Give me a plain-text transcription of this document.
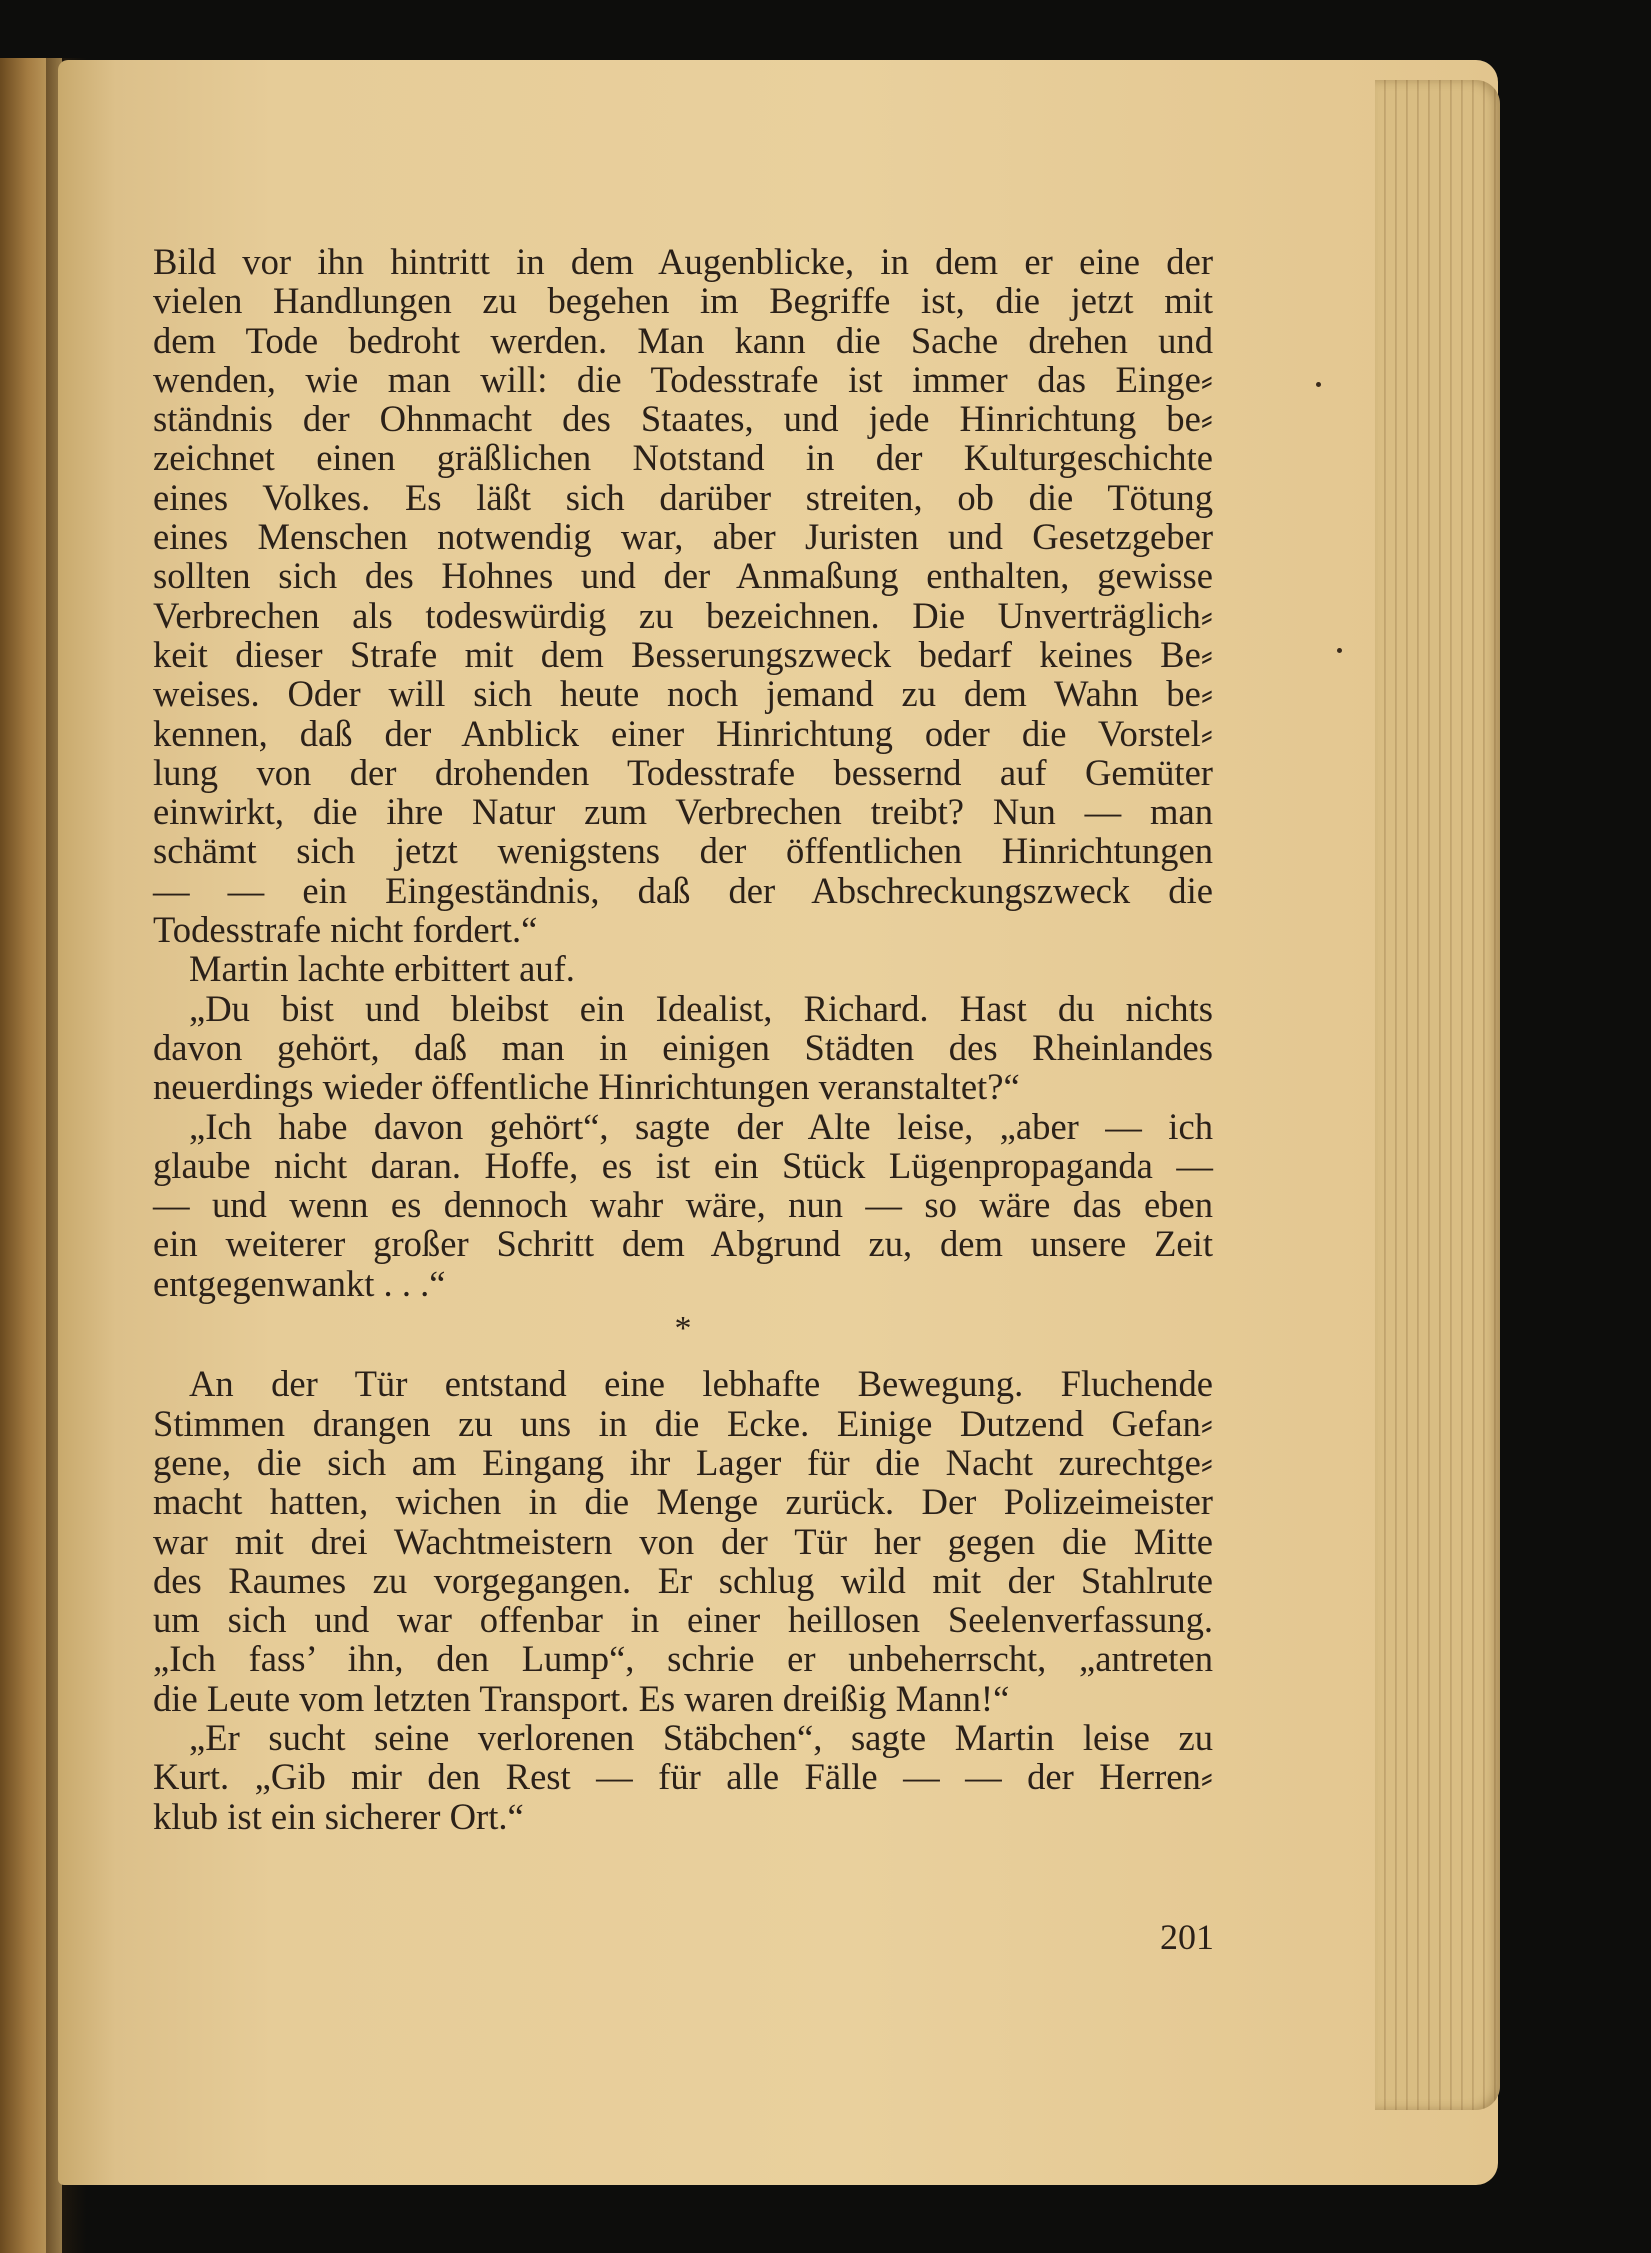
Bild vor ihn hintritt in dem Augenblicke, in dem er eine der
vielen Handlungen zu begehen im Begriffe ist, die jetzt mit
dem Tode bedroht werden. Man kann die Sache drehen und
wenden, wie man will: die Todesstrafe ist immer das Einge⸗
ständnis der Ohnmacht des Staates, und jede Hinrichtung be⸗
zeichnet einen gräßlichen Notstand in der Kulturgeschichte
eines Volkes. Es läßt sich darüber streiten, ob die Tötung
eines Menschen notwendig war, aber Juristen und Gesetzgeber
sollten sich des Hohnes und der Anmaßung enthalten, gewisse
Verbrechen als todeswürdig zu bezeichnen. Die Unverträglich⸗
keit dieser Strafe mit dem Besserungszweck bedarf keines Be⸗
weises. Oder will sich heute noch jemand zu dem Wahn be⸗
kennen, daß der Anblick einer Hinrichtung oder die Vorstel⸗
lung von der drohenden Todesstrafe bessernd auf Gemüter
einwirkt, die ihre Natur zum Verbrechen treibt? Nun — man
schämt sich jetzt wenigstens der öffentlichen Hinrichtungen
— — ein Eingeständnis, daß der Abschreckungszweck die
Todesstrafe nicht fordert.“
Martin lachte erbittert auf.
„Du bist und bleibst ein Idealist, Richard. Hast du nichts
davon gehört, daß man in einigen Städten des Rheinlandes
neuerdings wieder öffentliche Hinrichtungen veranstaltet?“
„Ich habe davon gehört“, sagte der Alte leise, „aber — ich
glaube nicht daran. Hoffe, es ist ein Stück Lügenpropaganda —
— und wenn es dennoch wahr wäre, nun — so wäre das eben
ein weiterer großer Schritt dem Abgrund zu, dem unsere Zeit
entgegenwankt . . .“
*
An der Tür entstand eine lebhafte Bewegung. Fluchende
Stimmen drangen zu uns in die Ecke. Einige Dutzend Gefan⸗
gene, die sich am Eingang ihr Lager für die Nacht zurechtge⸗
macht hatten, wichen in die Menge zurück. Der Polizeimeister
war mit drei Wachtmeistern von der Tür her gegen die Mitte
des Raumes zu vorgegangen. Er schlug wild mit der Stahlrute
um sich und war offenbar in einer heillosen Seelenverfassung.
„Ich fass’ ihn, den Lump“, schrie er unbeherrscht, „antreten
die Leute vom letzten Transport. Es waren dreißig Mann!“
„Er sucht seine verlorenen Stäbchen“, sagte Martin leise zu
Kurt. „Gib mir den Rest — für alle Fälle — — der Herren⸗
klub ist ein sicherer Ort.“
201
